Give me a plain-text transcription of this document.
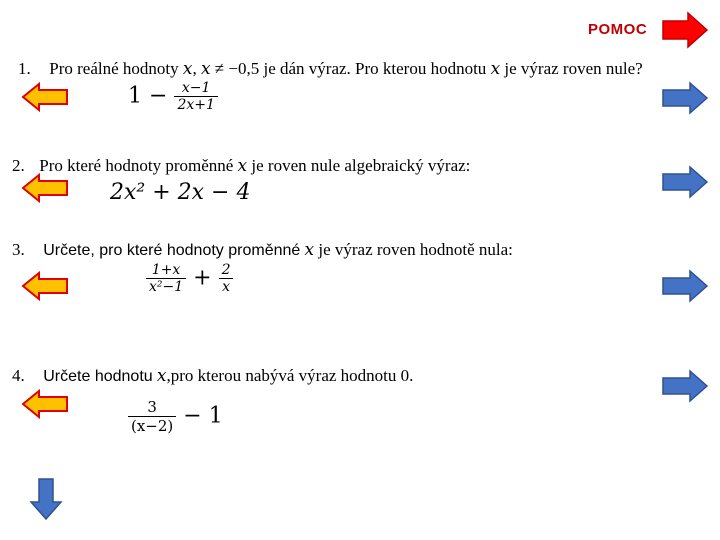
POMOC
1. Pro reálné hodnoty x, x ≠ −0,5 je dán výraz. Pro kterou hodnotu x je výraz roven nule?
$1 - \frac{x-1}{2x+1}$
2. Pro které hodnoty proměnné x je roven nule algebraický výraz:
2x² + 2x − 4
3. Určete, pro které hodnoty proměnné x je výraz roven hodnotě nula:
$\frac{1+x}{\text{x²−1}} + \frac{2}{x}$
4. Určete hodnotu x,pro kterou nabývá výraz hodnotu 0.
$\frac{3}{(x-2)} - 1$
